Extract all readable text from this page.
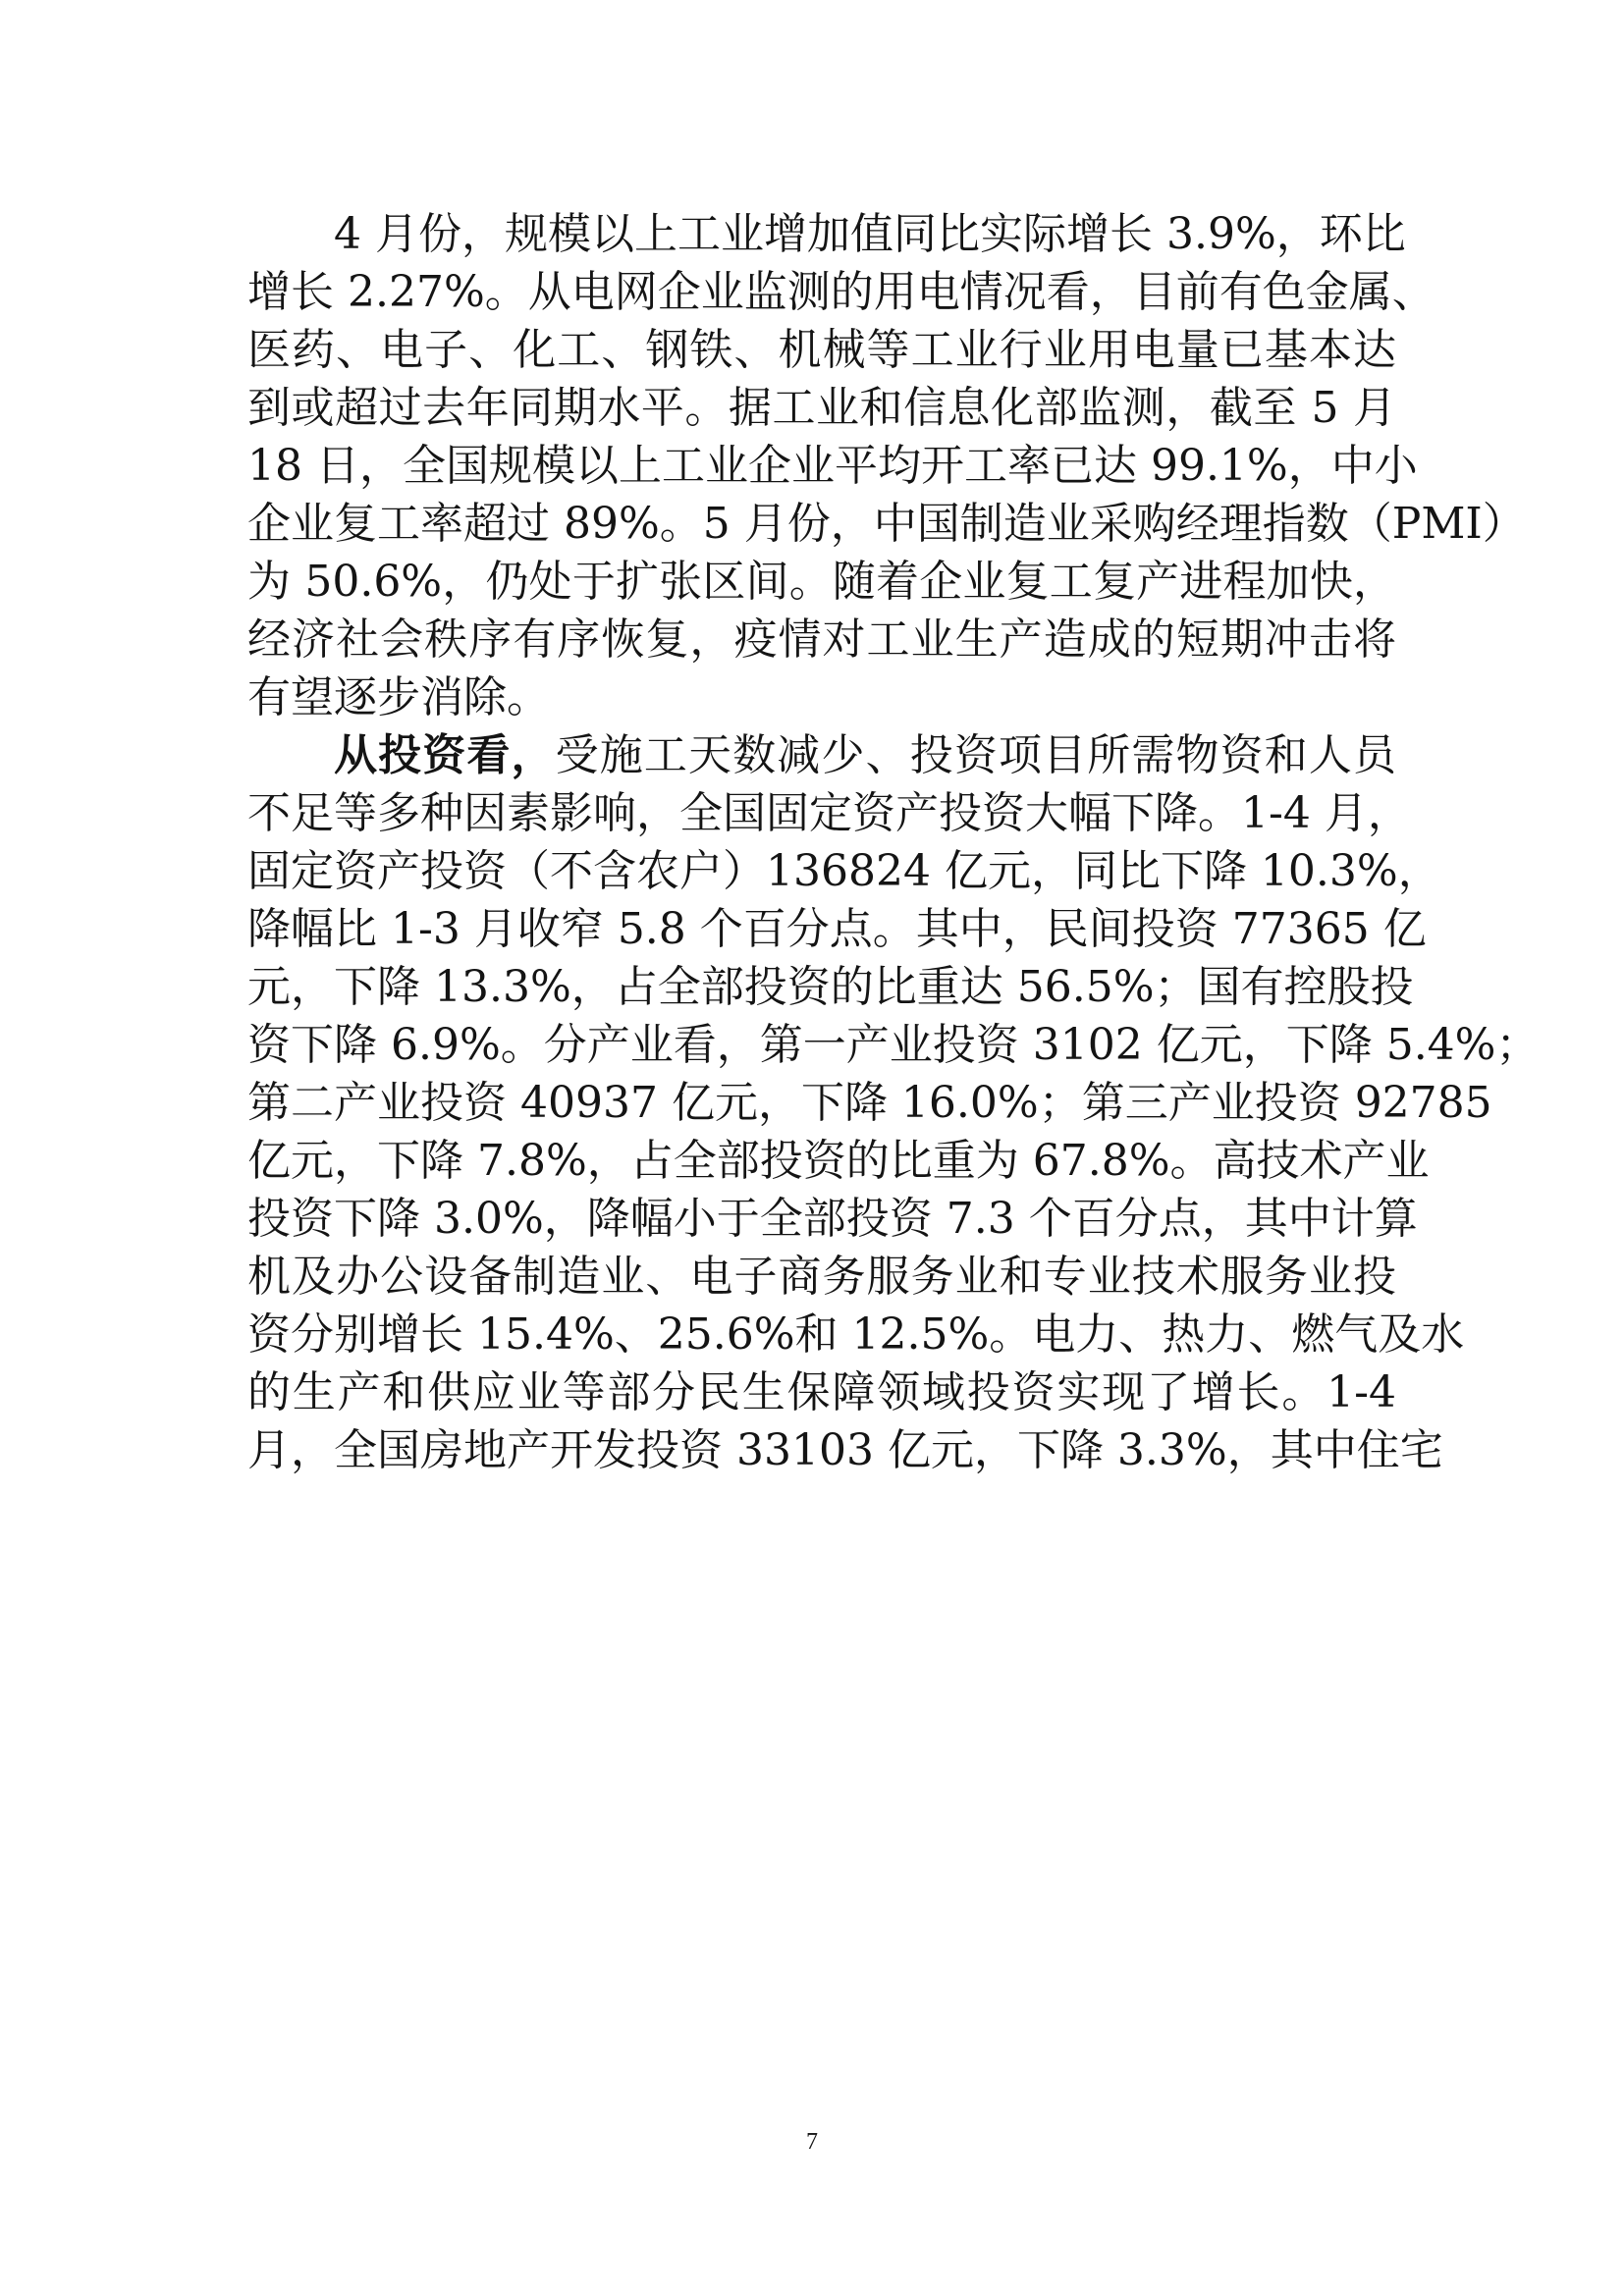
4 月份，规模以上工业增加值同比实际增长 3.9%，环比
增长 2.27%。从电网企业监测的用电情况看，目前有色金属、
医药、电子、化工、钢铁、机械等工业行业用电量已基本达
到或超过去年同期水平。据工业和信息化部监测，截至 5 月
18 日，全国规模以上工业企业平均开工率已达 99.1%，中小
企业复工率超过 89%。5 月份，中国制造业采购经理指数（PMI）
为 50.6%，仍处于扩张区间。随着企业复工复产进程加快，
经济社会秩序有序恢复，疫情对工业生产造成的短期冲击将
有望逐步消除。
从投资看，受施工天数减少、投资项目所需物资和人员
不足等多种因素影响，全国固定资产投资大幅下降。1-4 月，
固定资产投资（不含农户）136824 亿元，同比下降 10.3%，
降幅比 1-3 月收窄 5.8 个百分点。其中，民间投资 77365 亿
元，下降 13.3%，占全部投资的比重达 56.5%；国有控股投
资下降 6.9%。分产业看，第一产业投资 3102 亿元，下降 5.4%；
第二产业投资 40937 亿元，下降 16.0%；第三产业投资 92785
亿元，下降 7.8%，占全部投资的比重为 67.8%。高技术产业
投资下降 3.0%，降幅小于全部投资 7.3 个百分点，其中计算
机及办公设备制造业、电子商务服务业和专业技术服务业投
资分别增长 15.4%、25.6%和 12.5%。电力、热力、燃气及水
的生产和供应业等部分民生保障领域投资实现了增长。1-4
月，全国房地产开发投资 33103 亿元，下降 3.3%，其中住宅
7
